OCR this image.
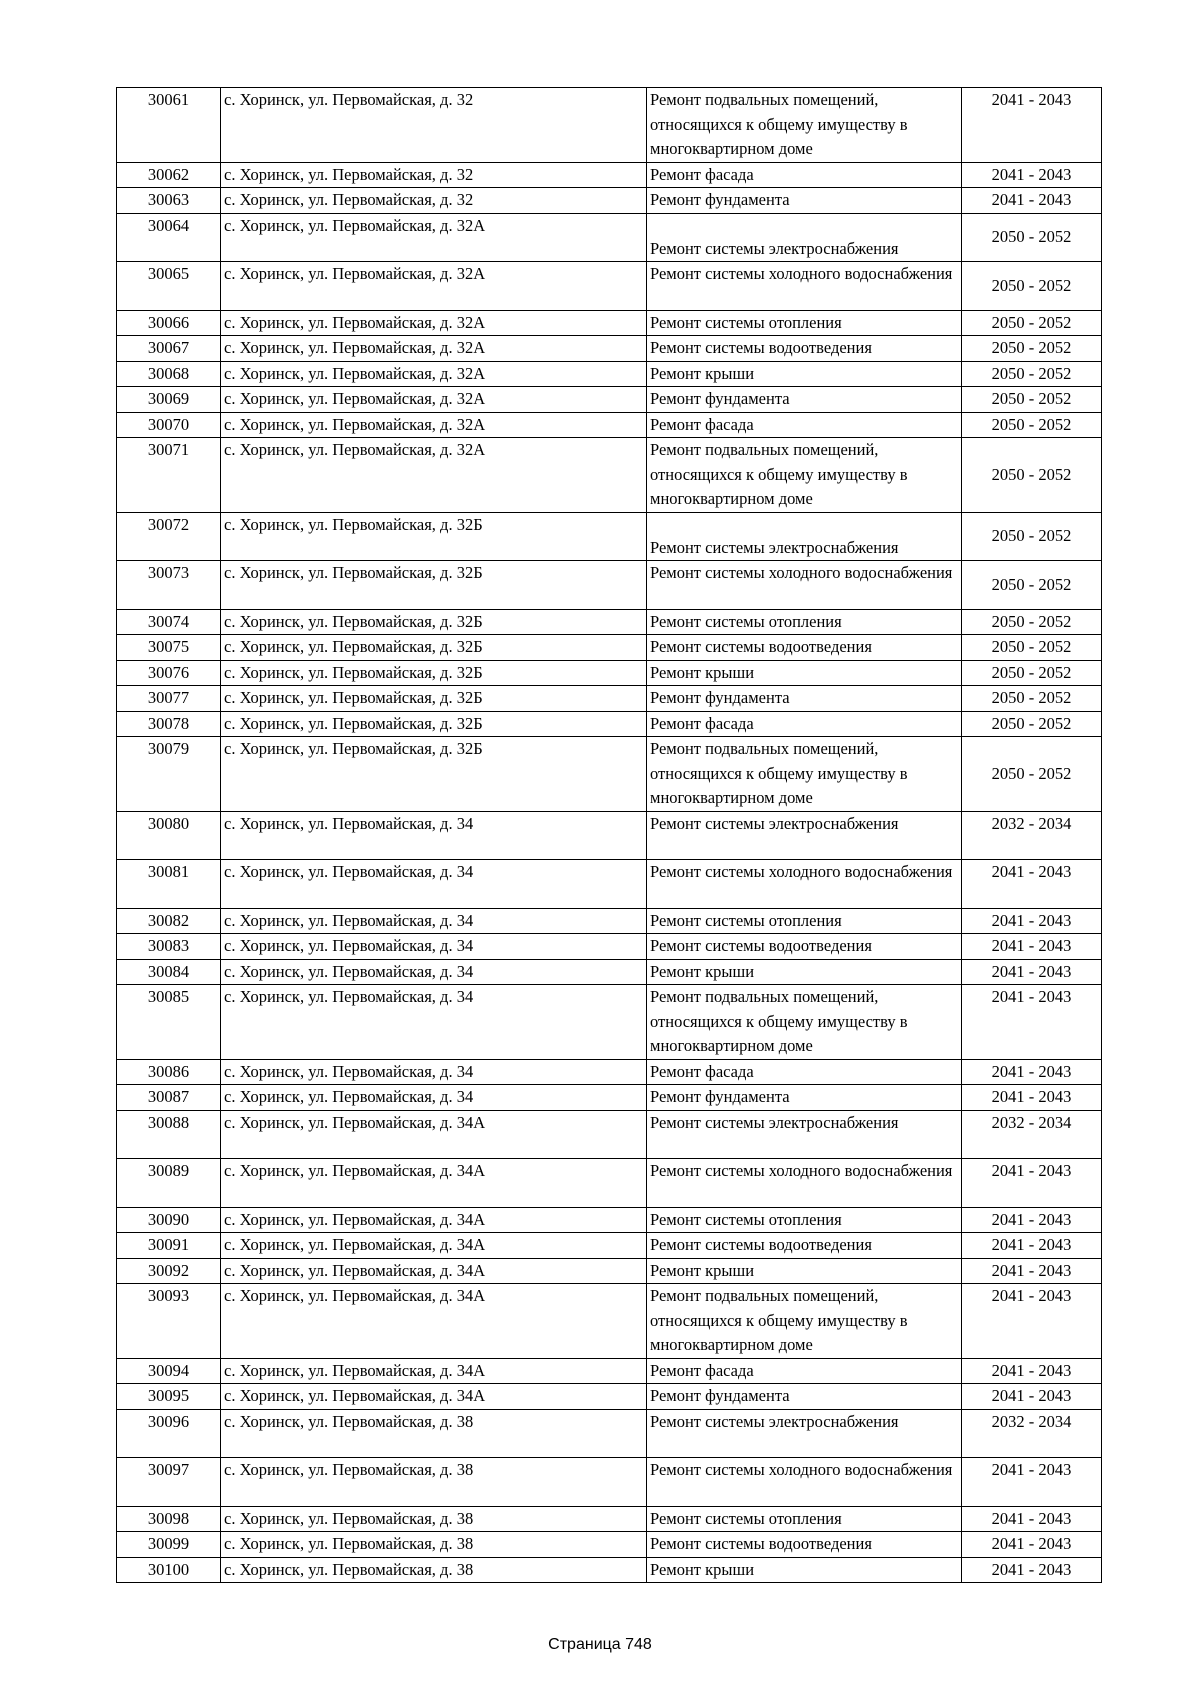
30061	с. Хоринск, ул. Первомайская, д. 32	Ремонт подвальных помещений, относящихся к общему имуществу в многоквартирном доме	2041 - 2043
30062	с. Хоринск, ул. Первомайская, д. 32	Ремонт фасада	2041 - 2043
30063	с. Хоринск, ул. Первомайская, д. 32	Ремонт фундамента	2041 - 2043
30064	с. Хоринск, ул. Первомайская, д. 32А	Ремонт системы электроснабжения	2050 - 2052
30065	с. Хоринск, ул. Первомайская, д. 32А	Ремонт системы холодного водоснабжения	2050 - 2052
30066	с. Хоринск, ул. Первомайская, д. 32А	Ремонт системы отопления	2050 - 2052
30067	с. Хоринск, ул. Первомайская, д. 32А	Ремонт системы водоотведения	2050 - 2052
30068	с. Хоринск, ул. Первомайская, д. 32А	Ремонт крыши	2050 - 2052
30069	с. Хоринск, ул. Первомайская, д. 32А	Ремонт фундамента	2050 - 2052
30070	с. Хоринск, ул. Первомайская, д. 32А	Ремонт фасада	2050 - 2052
30071	с. Хоринск, ул. Первомайская, д. 32А	Ремонт подвальных помещений, относящихся к общему имуществу в многоквартирном доме	2050 - 2052
30072	с. Хоринск, ул. Первомайская, д. 32Б	Ремонт системы электроснабжения	2050 - 2052
30073	с. Хоринск, ул. Первомайская, д. 32Б	Ремонт системы холодного водоснабжения	2050 - 2052
30074	с. Хоринск, ул. Первомайская, д. 32Б	Ремонт системы отопления	2050 - 2052
30075	с. Хоринск, ул. Первомайская, д. 32Б	Ремонт системы водоотведения	2050 - 2052
30076	с. Хоринск, ул. Первомайская, д. 32Б	Ремонт крыши	2050 - 2052
30077	с. Хоринск, ул. Первомайская, д. 32Б	Ремонт фундамента	2050 - 2052
30078	с. Хоринск, ул. Первомайская, д. 32Б	Ремонт фасада	2050 - 2052
30079	с. Хоринск, ул. Первомайская, д. 32Б	Ремонт подвальных помещений, относящихся к общему имуществу в многоквартирном доме	2050 - 2052
30080	с. Хоринск, ул. Первомайская, д. 34	Ремонт системы электроснабжения	2032 - 2034
30081	с. Хоринск, ул. Первомайская, д. 34	Ремонт системы холодного водоснабжения	2041 - 2043
30082	с. Хоринск, ул. Первомайская, д. 34	Ремонт системы отопления	2041 - 2043
30083	с. Хоринск, ул. Первомайская, д. 34	Ремонт системы водоотведения	2041 - 2043
30084	с. Хоринск, ул. Первомайская, д. 34	Ремонт крыши	2041 - 2043
30085	с. Хоринск, ул. Первомайская, д. 34	Ремонт подвальных помещений, относящихся к общему имуществу в многоквартирном доме	2041 - 2043
30086	с. Хоринск, ул. Первомайская, д. 34	Ремонт фасада	2041 - 2043
30087	с. Хоринск, ул. Первомайская, д. 34	Ремонт фундамента	2041 - 2043
30088	с. Хоринск, ул. Первомайская, д. 34А	Ремонт системы электроснабжения	2032 - 2034
30089	с. Хоринск, ул. Первомайская, д. 34А	Ремонт системы холодного водоснабжения	2041 - 2043
30090	с. Хоринск, ул. Первомайская, д. 34А	Ремонт системы отопления	2041 - 2043
30091	с. Хоринск, ул. Первомайская, д. 34А	Ремонт системы водоотведения	2041 - 2043
30092	с. Хоринск, ул. Первомайская, д. 34А	Ремонт крыши	2041 - 2043
30093	с. Хоринск, ул. Первомайская, д. 34А	Ремонт подвальных помещений, относящихся к общему имуществу в многоквартирном доме	2041 - 2043
30094	с. Хоринск, ул. Первомайская, д. 34А	Ремонт фасада	2041 - 2043
30095	с. Хоринск, ул. Первомайская, д. 34А	Ремонт фундамента	2041 - 2043
30096	с. Хоринск, ул. Первомайская, д. 38	Ремонт системы электроснабжения	2032 - 2034
30097	с. Хоринск, ул. Первомайская, д. 38	Ремонт системы холодного водоснабжения	2041 - 2043
30098	с. Хоринск, ул. Первомайская, д. 38	Ремонт системы отопления	2041 - 2043
30099	с. Хоринск, ул. Первомайская, д. 38	Ремонт системы водоотведения	2041 - 2043
30100	с. Хоринск, ул. Первомайская, д. 38	Ремонт крыши	2041 - 2043
Страница 748
